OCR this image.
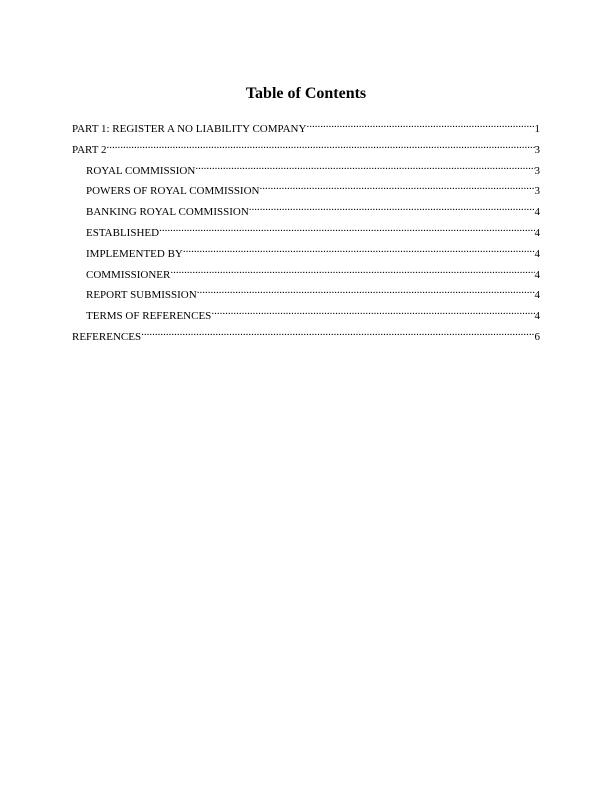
Table of Contents
PART 1: REGISTER A NO LIABILITY COMPANY .....	1
PART 2 .....	3
ROYAL COMMISSION .....	3
POWERS OF ROYAL COMMISSION .....	3
BANKING ROYAL COMMISSION .....	4
ESTABLISHED .....	4
IMPLEMENTED BY .....	4
COMMISSIONER .....	4
REPORT SUBMISSION .....	4
TERMS OF REFERENCES .....	4
REFERENCES .....	6
